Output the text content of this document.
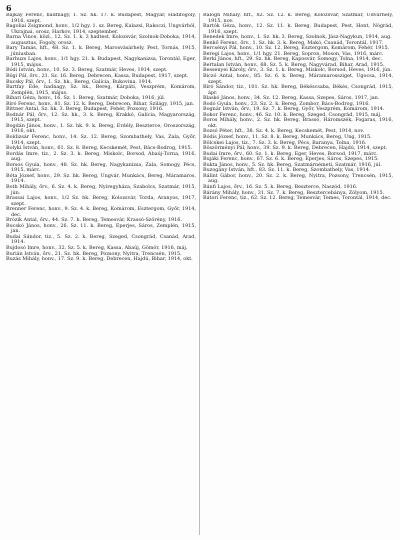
6

Bajkay Ferenc, hadfnagy, 1. Sz. hk. 17. k. Budapest, Magyar, Hadifogoly, 1916, szept.

Bagoliai Zsigmond, honv., 1/2 hgy. 1. sz. Bereg, Kalazsi, Rakoczi, Ungvárból, Ukrajnai, orosz, Harkov, 1914, szeptember.

Barna Vince, közl., 12. Sz. 1. k. 3 hadtest, Kolozsvár, Szolnok-Doboka, 1914, augusztus, Fogoly, orosz.

Bary Tamás, hft., 48. Sz. 1. k. Bereg, Marosvásárhely, Pest, Tornás, 1915, júniusban.

Barhuzs Lajos, honv., 1/1 hgy. 21. k. Budapest, Nagykanizsa, Torontál, Eger, 1915, május.

Bódi István, honv., 10. Sz. 3. Bereg, Szatmár, Heves, 1914, szept.

Bögi Pál, őrv., 21. Sz. 16. Bereg, Debrecen, Kassa, Budapest, 1917, szept.

Bucsky Pál, őrv., 1. Sz. hk., Bereg, Galícia, Bukovina, 1914.

Bartfay Ede, hadnagy, Sz. hk., Bereg, Kárpáti, Veszprém, Komárom, Zemplén, 1915, május.

Bihari Géza, honv., 16. Sz. 1. Bereg, Szatmár, Doboka, 1916, júl.

Bíró Ferenc, honv., 81. Sz. 12. k. Bereg, Debrecen, Bihar, Szilágy, 1915, jan.

Bittner Antal, Sz. hk. 3. Bereg, Budapest, Fehér, Pozsony, 1916.

Bodnár Pál, őrv., 12. Sz. hk., 3. k. Bereg, Krakkó, Galícia, Magyarország, 1915, szept.

Bogdán János, honv., 1. Sz. hk. 9. k. Bereg, Erdély, Beszterce, Oroszország, 1916, okt.

Boldizsár Ferenc, honv., 14. Sz. 12. Bereg, Szombathely, Vas, Zala, Győr, 1914, szept.

Bolyki István, honv., 61. Sz. 8. Bereg, Kecskemét, Pest, Bács-Bodrog, 1915.

Bordás Imre, tiz., 2. Sz. 3. k. Bereg, Miskolc, Borsod, Abaúj-Torna, 1916, aug.

Borsos Gyula, honv., 48. Sz. hk. Bereg, Nagykanizsa, Zala, Somogy, Pécs, 1915, márc.

Bóta József, honv., 29. Sz. hk. Bereg, Ungvár, Munkács, Bereg, Máramaros, 1914.

Both Mihály, őrv., 6. Sz. 4. k. Bereg, Nyíregyháza, Szabolcs, Szatmár, 1915, jún.

Brassai Lajos, honv., 1/2 Sz. hk. Bereg, Kolozsvár, Torda, Aranyos, 1917, szept.

Brenner Ferenc, honv., 9. Sz. 4. k. Bereg, Komárom, Esztergom, Győr, 1914, dec.

Brózik Antal, őrv., 44. Sz. 7. k. Bereg, Temesvár, Krassó-Szörény, 1916.

Bucskó János, honv., 26. Sz. 11. k. Bereg, Eperjes, Sáros, Zemplén, 1915, jan.

Budai Sándor, tiz., 5. Sz. 2. k. Bereg, Szeged, Csongrád, Csanád, Arad, 1914.

Bujdosó Imre, honv., 32. Sz. 5. k. Bereg, Kassa, Abaúj, Gömör, 1916, máj.

Burián István, őrv., 21. Sz. hk. Bereg, Pozsony, Nyitra, Trencsén, 1915.

Buzás Mihály, honv., 17. Sz. 9. k. Bereg, Debrecen, Hajdú, Bihar, 1914, okt.

Balogh Mihály, hft., 82. Sz. 12. k. Bereg, Kolozsvár, Szatmár, Udvarhely, 1915, nov.

Bartók Géza, honv., 12. Sz. 11. k. Bereg, Budapest, Pest, Hont, Nógrád, 1916, szept.

Benedek Imre, honv., 1. Sz. hk. 3. Bereg, Szolnok, Jász-Nagykun, 1914, aug.

Benkő Ferenc, őrv., 1. Sz. hk. 3. k. Bereg, Makó, Csanád, Torontál, 1917.

Bercsényi Pál, honv., 10. Sz. 12. Bereg, Esztergom, Komárom, Fehér, 1915.

Beregi Lajos, honv., 1/1 hgy. 21. Bereg, Sopron, Moson, Vas, 1916, márc.

Berki János, hft., 29. Sz. hk. Bereg, Kaposvár, Somogy, Tolna, 1914, dec.

Bertalan István, honv., 68. Sz. 5. k. Bereg, Nagyvárad, Bihar, Arad, 1915.

Bessenyei Károly, őrv., 3. Sz. 1. k. Bereg, Miskolc, Borsod, Heves, 1916, jún.

Biczó Antal, honv., 85. Sz. 6. k. Bereg, Máramarossziget, Ugocsa, 1914, szept.

Bíró Sándor, tiz., 101. Sz. hk. Bereg, Békéscsaba, Békés, Csongrád, 1915, ápr.

Blaskó János, honv., 34. Sz. 12. Bereg, Kassa, Szepes, Sáros, 1917, jan.

Bodó Gyula, honv., 23. Sz. 2. k. Bereg, Zombor, Bács-Bodrog, 1916.

Bognár István, őrv., 19. Sz. 7. k. Bereg, Győr, Veszprém, Komárom, 1914.

Bokor Ferenc, honv., 46. Sz. 10. k. Bereg, Szeged, Csongrád, 1915, máj.

Boros Mihály, honv., 2. Sz. hk. Bereg, Brassó, Háromszék, Fogaras, 1916, okt.

Bozsó Péter, hft., 38. Sz. 4. k. Bereg, Kecskemét, Pest, 1914, nov.

Bódis József, honv., 11. Sz. 8. k. Bereg, Munkács, Bereg, Ung, 1915.

Bölcskei Lajos, tiz., 7. Sz. 3. k. Bereg, Pécs, Baranya, Tolna, 1916.

Böszörményi Pál, honv., 39. Sz. 9. k. Bereg, Debrecen, Hajdú, 1914, szept.

Budai Imre, őrv., 60. Sz. 1. k. Bereg, Eger, Heves, Borsod, 1917, márc.

Bujáki Ferenc, honv., 67. Sz. 6. k. Bereg, Eperjes, Sáros, Szepes, 1915.

Bukta János, honv., 5. Sz. hk. Bereg, Szatmárnémeti, Szatmár, 1916, júl.

Buzogány István, hft., 83. Sz. 11. k. Bereg, Szombathely, Vas, 1914.

Bálint Gábor, honv., 20. Sz. 2. k. Bereg, Nyitra, Pozsony, Trencsén, 1915, aug.

Bánfi Lajos, őrv., 16. Sz. 5. k. Bereg, Beszterce, Naszód, 1916.

Bárány Mihály, honv., 31. Sz. 7. k. Bereg, Besztercebánya, Zólyom, 1915.

Bátori Ferenc, tiz., 62. Sz. 12. Bereg, Temesvár, Temes, Torontál, 1914, dec.
